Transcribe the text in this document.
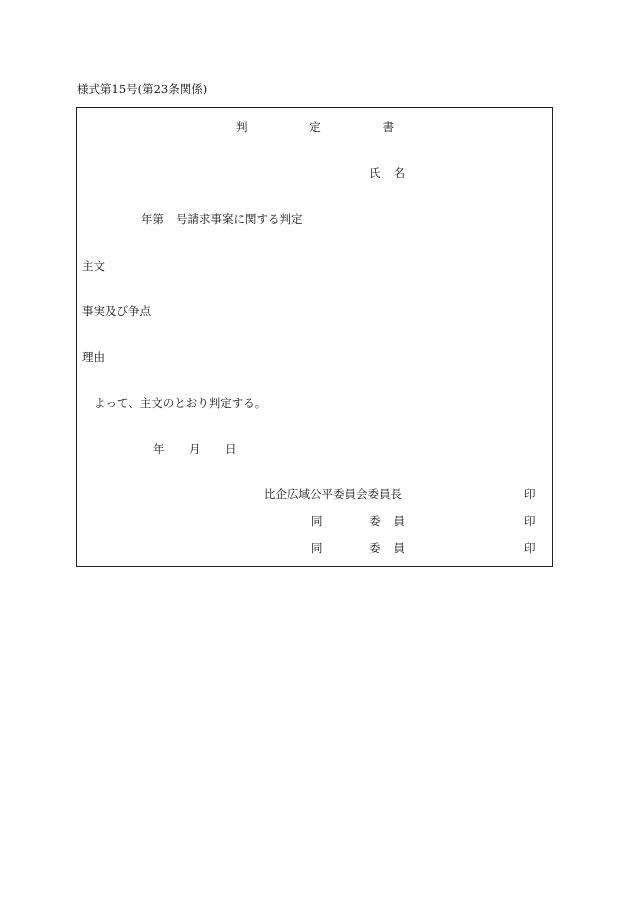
様式第15号(第23条関係)
判	定	書
氏 名
年第 号請求事案に関する判定
主文
事実及び争点
理由
よって、主文のとおり判定する。
年 月 日
比企広域公平委員会委員長	印
同	委 員	印
同	委 員	印
